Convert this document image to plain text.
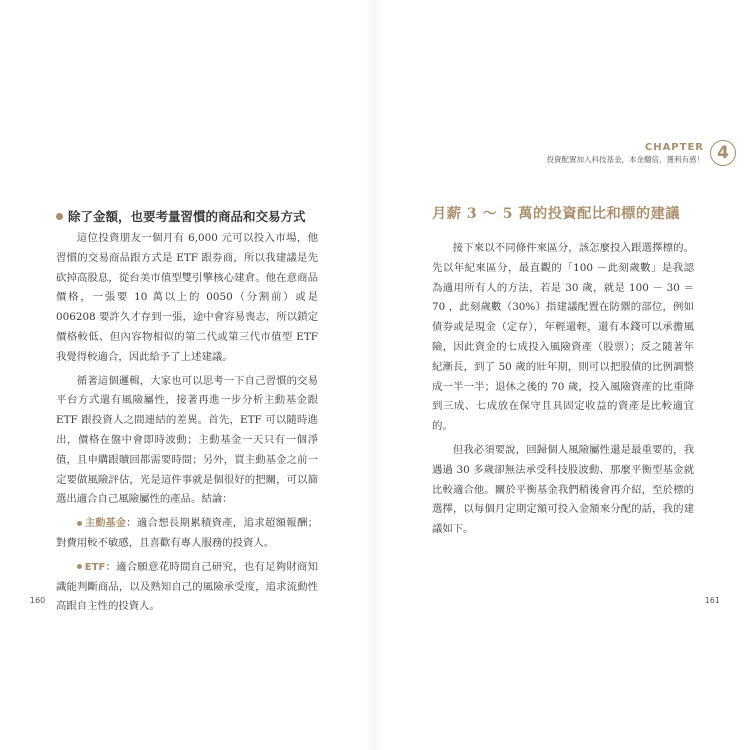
除了金額，也要考量習慣的商品和交易方式

這位投資朋友一個月有 6,000 元可以投入市場，他習慣的交易商品跟方式是 ETF 跟券商，所以我建議是先砍掉高股息，從台美市值型雙引擎核心建倉。他在意商品價格，一張要 10 萬以上的 0050（分割前）或是 006208 要許久才存到一張，途中會容易喪志，所以鎖定價格較低、但內容物相似的第二代或第三代市值型 ETF 我覺得較適合，因此給予了上述建議。

循著這個邏輯，大家也可以思考一下自己習慣的交易平台方式還有風險屬性，接著再進一步分析主動基金跟 ETF 跟投資人之間連結的差異。首先，ETF 可以隨時進出，價格在盤中會即時波動；主動基金一天只有一個淨值，且申購跟贖回都需要時間；另外，買主動基金之前一定要做風險評估，光是這件事就是個很好的把關，可以篩選出適合自己風險屬性的產品。結論：

主動基金：適合想長期累積資產，追求超額報酬；對費用較不敏感，且喜歡有專人服務的投資人。
ETF：適合願意花時間自己研究，也有足夠財商知識能判斷商品，以及熟知自己的風險承受度，追求流動性高跟自主性的投資人。
160
CHAPTER
投資配置加入科技基金，本金翻倍，獲利有感！ 4
161
月薪 3 ～ 5 萬的投資配比和標的建議

接下來以不同條件來區分，該怎麼投入跟選擇標的。先以年紀來區分，最直觀的「100 －此刻歲數」是我認為適用所有人的方法，若是 30 歲，就是 100 － 30 ＝ 70 ，此刻歲數（30%）指建議配置在防禦的部位，例如債券或是現金（定存），年輕還輕，還有本錢可以承擔風險，因此資金的七成投入風險資產（股票）；反之隨著年紀漸長，到了 50 歲的壯年期，則可以把股債的比例調整成一半一半；退休之後的 70 歲，投入風險資產的比重降到三成、七成放在保守且具固定收益的資產是比較適宜的。

但我必須要說，回歸個人風險屬性還是最重要的，我遇過 30 多歲卻無法承受科技股波動、那麼平衡型基金就比較適合他。關於平衡基金我們稍後會再介紹，至於標的選擇，以每個月定期定額可投入金額來分配的話，我的建議如下。
